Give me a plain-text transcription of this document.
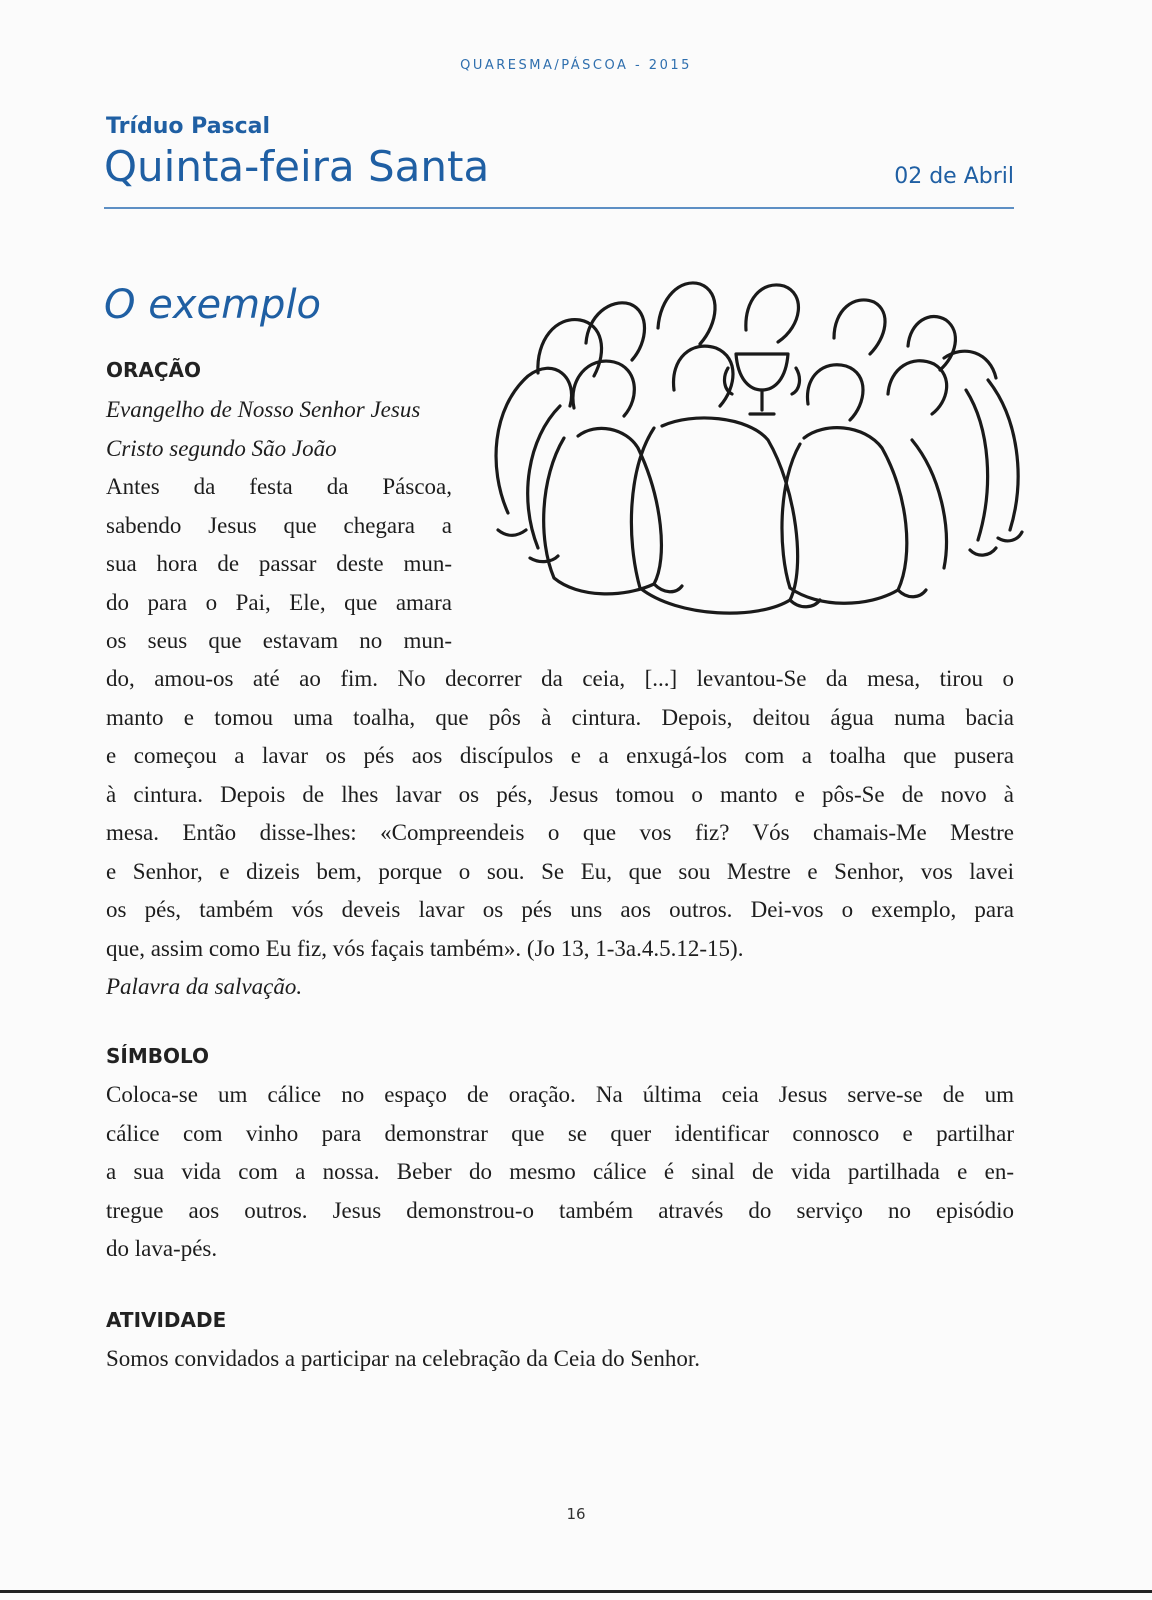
QUARESMA/PÁSCOA - 2015
Tríduo Pascal
Quinta-feira Santa	02 de Abril
O exemplo
ORAÇÃO
Evangelho de Nosso Senhor Jesus
Cristo segundo São João
Antes da festa da Páscoa,
sabendo Jesus que chegara a
sua hora de passar deste mun-
do para o Pai, Ele, que amara
os seus que estavam no mun-
do, amou-os até ao fim. No decorrer da ceia, [...] levantou-Se da mesa, tirou o
manto e tomou uma toalha, que pôs à cintura. Depois, deitou água numa bacia
e começou a lavar os pés aos discípulos e a enxugá-los com a toalha que pusera
à cintura. Depois de lhes lavar os pés, Jesus tomou o manto e pôs-Se de novo à
mesa. Então disse-lhes: «Compreendeis o que vos fiz? Vós chamais-Me Mestre
e Senhor, e dizeis bem, porque o sou. Se Eu, que sou Mestre e Senhor, vos lavei
os pés, também vós deveis lavar os pés uns aos outros. Dei-vos o exemplo, para
que, assim como Eu fiz, vós façais também». (Jo 13, 1-3a.4.5.12-15).
Palavra da salvação.
SÍMBOLO
Coloca-se um cálice no espaço de oração. Na última ceia Jesus serve-se de um
cálice com vinho para demonstrar que se quer identificar connosco e partilhar
a sua vida com a nossa. Beber do mesmo cálice é sinal de vida partilhada e en-
tregue aos outros. Jesus demonstrou-o também através do serviço no episódio
do lava-pés.
ATIVIDADE
Somos convidados a participar na celebração da Ceia do Senhor.
16
